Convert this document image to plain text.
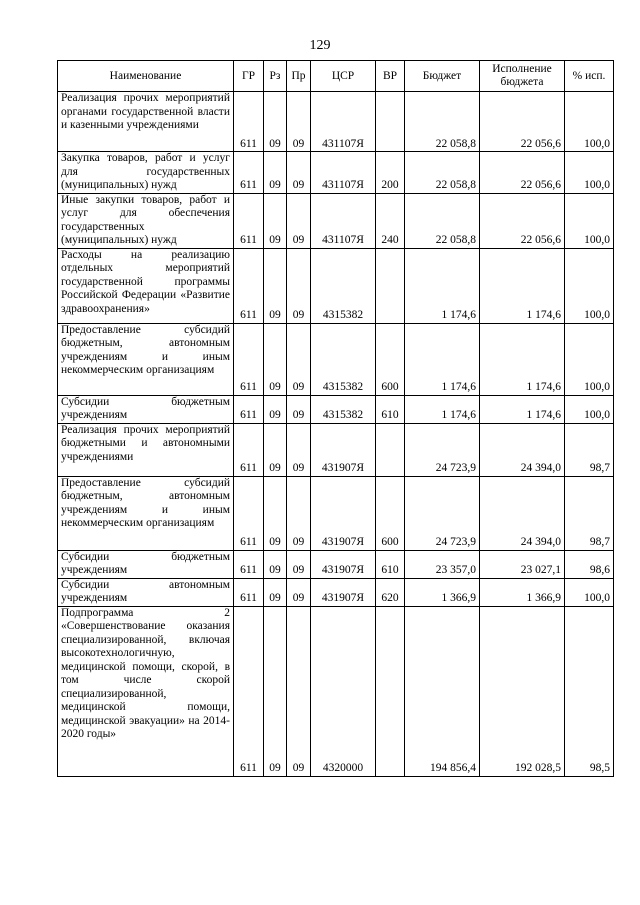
129
Наименование	ГР	Рз	Пр	ЦСР	ВР	Бюджет	Исполнение бюджета	% исп.
Реализация прочих мероприятий органами государственной власти и казенными учреждениями	611	09	09	431107Я		22 058,8	22 056,6	100,0
Закупка товаров, работ и услуг для государственных (муниципальных) нужд	611	09	09	431107Я	200	22 058,8	22 056,6	100,0
Иные закупки товаров, работ и услуг для обеспечения государственных (муниципальных) нужд	611	09	09	431107Я	240	22 058,8	22 056,6	100,0
Расходы на реализацию отдельных мероприятий государственной программы Российской Федерации «Развитие здравоохранения»	611	09	09	4315382		1 174,6	1 174,6	100,0
Предоставление субсидий бюджетным, автономным учреждениям и иным некоммерческим организациям	611	09	09	4315382	600	1 174,6	1 174,6	100,0
Субсидии бюджетным учреждениям	611	09	09	4315382	610	1 174,6	1 174,6	100,0
Реализация прочих мероприятий бюджетными и автономными учреждениями	611	09	09	431907Я		24 723,9	24 394,0	98,7
Предоставление субсидий бюджетным, автономным учреждениям и иным некоммерческим организациям	611	09	09	431907Я	600	24 723,9	24 394,0	98,7
Субсидии бюджетным учреждениям	611	09	09	431907Я	610	23 357,0	23 027,1	98,6
Субсидии автономным учреждениям	611	09	09	431907Я	620	1 366,9	1 366,9	100,0
Подпрограмма 2 «Совершенствование оказания специализированной, включая высокотехнологичную, медицинской помощи, скорой, в том числе скорой специализированной, медицинской помощи, медицинской эвакуации» на 2014-2020 годы»	611	09	09	4320000		194 856,4	192 028,5	98,5
